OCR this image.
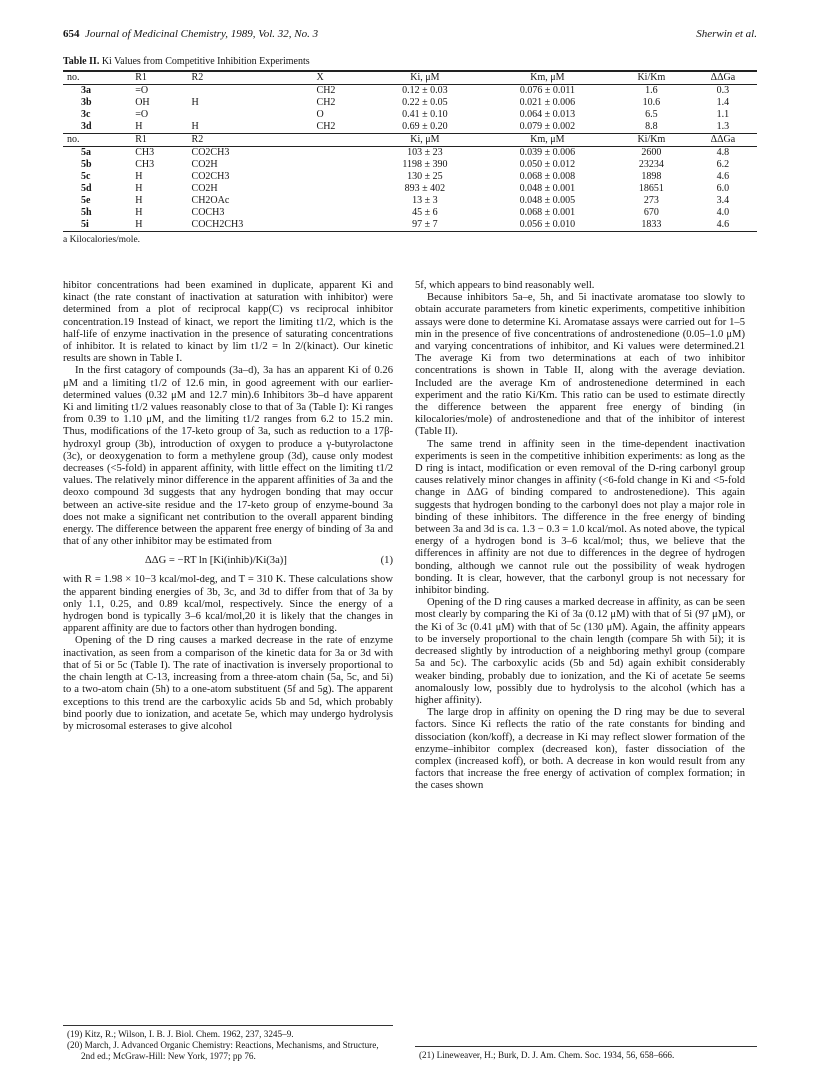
654 Journal of Medicinal Chemistry, 1989, Vol. 32, No. 3	Sherwin et al.
Table II. Ki Values from Competitive Inhibition Experiments
no.	R1	R2	X	Ki, μM	Km, μM	Ki/Km	ΔΔGa
3a	=O		CH2	0.12 ± 0.03	0.076 ± 0.011	1.6	0.3
3b	OH	H	CH2	0.22 ± 0.05	0.021 ± 0.006	10.6	1.4
3c	=O		O	0.41 ± 0.10	0.064 ± 0.013	6.5	1.1
3d	H	H	CH2	0.69 ± 0.20	0.079 ± 0.002	8.8	1.3
no.	R1	R2		Ki, μM	Km, μM	Ki/Km	ΔΔGa
5a	CH3	CO2CH3		103 ± 23	0.039 ± 0.006	2600	4.8
5b	CH3	CO2H		1198 ± 390	0.050 ± 0.012	23234	6.2
5c	H	CO2CH3		130 ± 25	0.068 ± 0.008	1898	4.6
5d	H	CO2H		893 ± 402	0.048 ± 0.001	18651	6.0
5e	H	CH2OAc		13 ± 3	0.048 ± 0.005	273	3.4
5h	H	COCH3		45 ± 6	0.068 ± 0.001	670	4.0
5i	H	COCH2CH3		97 ± 7	0.056 ± 0.010	1833	4.6
a Kilocalories/mole.

hibitor concentrations had been examined in duplicate, apparent Ki and kinact (the rate constant of inactivation at saturation with inhibitor) were determined from a plot of reciprocal kapp(C) vs reciprocal inhibitor concentration.19 Instead of kinact, we report the limiting t1/2, which is the half-life of enzyme inactivation in the presence of saturating concentrations of inhibitor. It is related to kinact by lim t1/2 = ln 2/(kinact). Our kinetic results are shown in Table I.

In the first catagory of compounds (3a–d), 3a has an apparent Ki of 0.26 μM and a limiting t1/2 of 12.6 min, in good agreement with our earlier-determined values (0.32 μM and 12.7 min).6 Inhibitors 3b–d have apparent Ki and limiting t1/2 values reasonably close to that of 3a (Table I): Ki ranges from 0.39 to 1.10 μM, and the limiting t1/2 ranges from 6.2 to 15.2 min. Thus, modifications of the 17-keto group of 3a, such as reduction to a 17β-hydroxyl group (3b), introduction of oxygen to produce a γ-butyrolactone (3c), or deoxygenation to form a methylene group (3d), cause only modest decreases (<5-fold) in apparent affinity, with little effect on the limiting t1/2 values. The relatively minor difference in the apparent affinities of 3a and the deoxo compound 3d suggests that any hydrogen bonding that may occur between an active-site residue and the 17-keto group of enzyme-bound 3a does not make a significant net contribution to the overall apparent binding energy. The difference between the apparent free energy of binding of 3a and that of any other inhibitor may be estimated from

ΔΔG = −RT ln [Ki(inhib)/Ki(3a)]	(1)

with R = 1.98 × 10−3 kcal/mol-deg, and T = 310 K. These calculations show the apparent binding energies of 3b, 3c, and 3d to differ from that of 3a by only 1.1, 0.25, and 0.89 kcal/mol, respectively. Since the energy of a hydrogen bond is typically 3–6 kcal/mol,20 it is likely that the changes in apparent affinity are due to factors other than hydrogen bonding.

Opening of the D ring causes a marked decrease in the rate of enzyme inactivation, as seen from a comparison of the kinetic data for 3a or 3d with that of 5i or 5c (Table I). The rate of inactivation is inversely proportional to the chain length at C-13, increasing from a three-atom chain (5a, 5c, and 5i) to a two-atom chain (5h) to a one-atom substituent (5f and 5g). The apparent exceptions to this trend are the carboxylic acids 5b and 5d, which probably bind poorly due to ionization, and acetate 5e, which may undergo hydrolysis by microsomal esterases to give alcohol

5f, which appears to bind reasonably well.

Because inhibitors 5a–e, 5h, and 5i inactivate aromatase too slowly to obtain accurate parameters from kinetic experiments, competitive inhibition assays were done to determine Ki. Aromatase assays were carried out for 1–5 min in the presence of five concentrations of androstenedione (0.05–1.0 μM) and varying concentrations of inhibitor, and Ki values were determined.21 The average Ki from two determinations at each of two inhibitor concentrations is shown in Table II, along with the average deviation. Included are the average Km of androstenedione determined in each experiment and the ratio Ki/Km. This ratio can be used to estimate directly the difference between the apparent free energy of binding (in kilocalories/mole) of androstenedione and that of the inhibitor of interest (Table II).

The same trend in affinity seen in the time-dependent inactivation experiments is seen in the competitive inhibition experiments: as long as the D ring is intact, modification or even removal of the D-ring carbonyl group causes relatively minor changes in affinity (<6-fold change in Ki and <5-fold change in ΔΔG of binding compared to androstenedione). This again suggests that hydrogen bonding to the carbonyl does not play a major role in binding of these inhibitors. The difference in the free energy of binding between 3a and 3d is ca. 1.3 − 0.3 = 1.0 kcal/mol. As noted above, the typical energy of a hydrogen bond is 3–6 kcal/mol; thus, we believe that the differences in affinity are not due to differences in the degree of hydrogen bonding, although we cannot rule out the possibility of weak hydrogen bonding. It is clear, however, that the carbonyl group is not necessary for inhibitor binding.

Opening of the D ring causes a marked decrease in affinity, as can be seen most clearly by comparing the Ki of 3a (0.12 μM) with that of 5i (97 μM), or the Ki of 3c (0.41 μM) with that of 5c (130 μM). Again, the affinity appears to be inversely proportional to the chain length (compare 5h with 5i); it is decreased slightly by introduction of a neighboring methyl group (compare 5a and 5c). The carboxylic acids (5b and 5d) again exhibit considerably weaker binding, probably due to ionization, and the Ki of acetate 5e seems anomalously low, possibly due to hydrolysis to the alcohol (which has a higher affinity).

The large drop in affinity on opening the D ring may be due to several factors. Since Ki reflects the ratio of the rate constants for binding and dissociation (kon/koff), a decrease in Ki may reflect slower formation of the enzyme–inhibitor complex (decreased kon), faster dissociation of the complex (increased koff), or both. A decrease in kon would result from any factors that increase the free energy of activation of complex formation; in the cases shown

(19) Kitz, R.; Wilson, I. B. J. Biol. Chem. 1962, 237, 3245–9.

(20) March, J. Advanced Organic Chemistry: Reactions, Mechanisms, and Structure, 2nd ed.; McGraw-Hill: New York, 1977; pp 76.	(21) Lineweaver, H.; Burk, D. J. Am. Chem. Soc. 1934, 56, 658–666.
